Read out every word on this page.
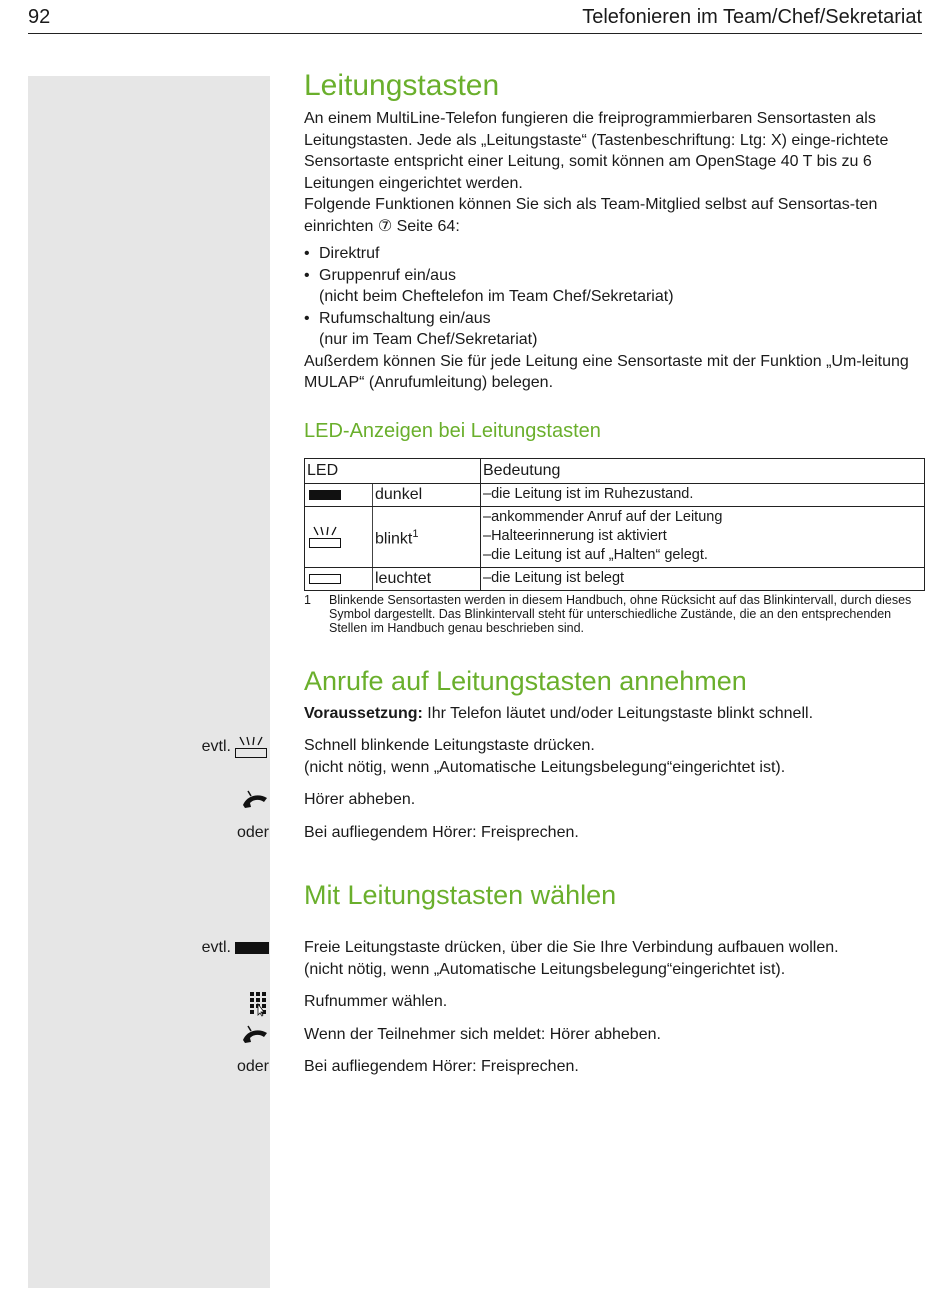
92	Telefonieren im Team/Chef/Sekretariat
Leitungstasten

An einem MultiLine-Telefon fungieren die freiprogrammierbaren Sensortasten als Leitungstasten. Jede als „Leitungstaste“ (Tastenbeschriftung: Ltg: X) einge-richtete Sensortaste entspricht einer Leitung, somit können am OpenStage 40 T bis zu 6 Leitungen eingerichtet werden.

Folgende Funktionen können Sie sich als Team-Mitglied selbst auf Sensortas-ten einrichten ⑦ Seite 64:

• Direktruf
• Gruppenruf ein/aus
(nicht beim Cheftelefon im Team Chef/Sekretariat)
• Rufumschaltung ein/aus
(nur im Team Chef/Sekretariat)

Außerdem können Sie für jede Leitung eine Sensortaste mit der Funktion „Um-leitung MULAP“ (Anrufumleitung) belegen.

LED-Anzeigen bei Leitungstasten
LED		Bedeutung

	dunkel	–die Leitung ist im Ruhezustand.

	blinkt$^1$	–ankommender Anruf auf der Leitung
–Halteerinnerung ist aktiviert
–die Leitung ist auf „Halten“ gelegt.

	leuchtet	–die Leitung ist belegt
1 Blinkende Sensortasten werden in diesem Handbuch, ohne Rücksicht auf das Blinkintervall, durch dieses Symbol dargestellt. Das Blinkintervall steht für unterschiedliche Zustände, die an den entsprechenden Stellen im Handbuch genau beschrieben sind.
Anrufe auf Leitungstasten annehmen

Voraussetzung: Ihr Telefon läutet und/oder Leitungstaste blinkt schnell.

evtl.	Schnell blinkende Leitungstaste drücken.
(nicht nötig, wenn „Automatische Leitungsbelegung“eingerichtet ist).
Hörer abheben.
oder Bei aufliegendem Hörer: Freisprechen.
Mit Leitungstasten wählen
evtl.	Freie Leitungstaste drücken, über die Sie Ihre Verbindung aufbauen wollen.
(nicht nötig, wenn „Automatische Leitungsbelegung“eingerichtet ist).
Rufnummer wählen.
Wenn der Teilnehmer sich meldet: Hörer abheben.
oder Bei aufliegendem Hörer: Freisprechen.
